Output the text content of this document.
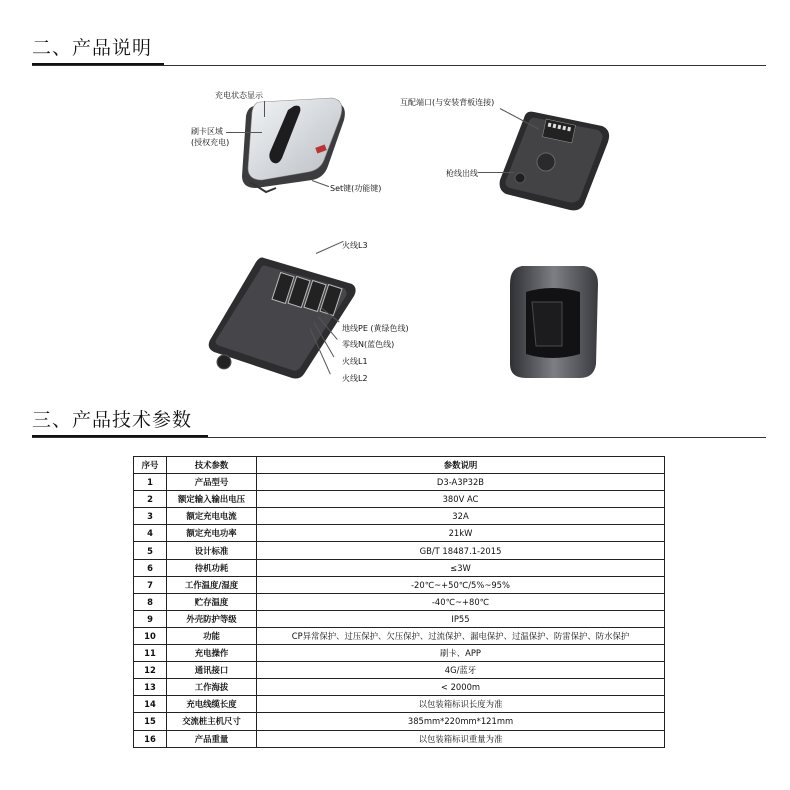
二、产品说明
充电状态显示
刷卡区域
(授权充电)
Set键(功能键)
互配端口(与安装背板连接)
枪线出线
火线L3
地线PE (黄绿色线)
零线N(蓝色线)
火线L1
火线L2
三、产品技术参数
序号	技术参数	参数说明
1	产品型号	D3-A3P32B
2	额定输入输出电压	380V AC
3	额定充电电流	32A
4	额定充电功率	21kW
5	设计标准	GB/T 18487.1-2015
6	待机功耗	≤3W
7	工作温度/湿度	-20℃~+50℃/5%~95%
8	贮存温度	-40℃~+80℃
9	外壳防护等级	IP55
10	功能	CP异常保护、过压保护、欠压保护、过流保护、漏电保护、过温保护、防雷保护、防水保护
11	充电操作	刷卡、APP
12	通讯接口	4G/蓝牙
13	工作海拔	< 2000m
14	充电线缆长度	以包装箱标识长度为准
15	交流桩主机尺寸	385mm*220mm*121mm
16	产品重量	以包装箱标识重量为准
